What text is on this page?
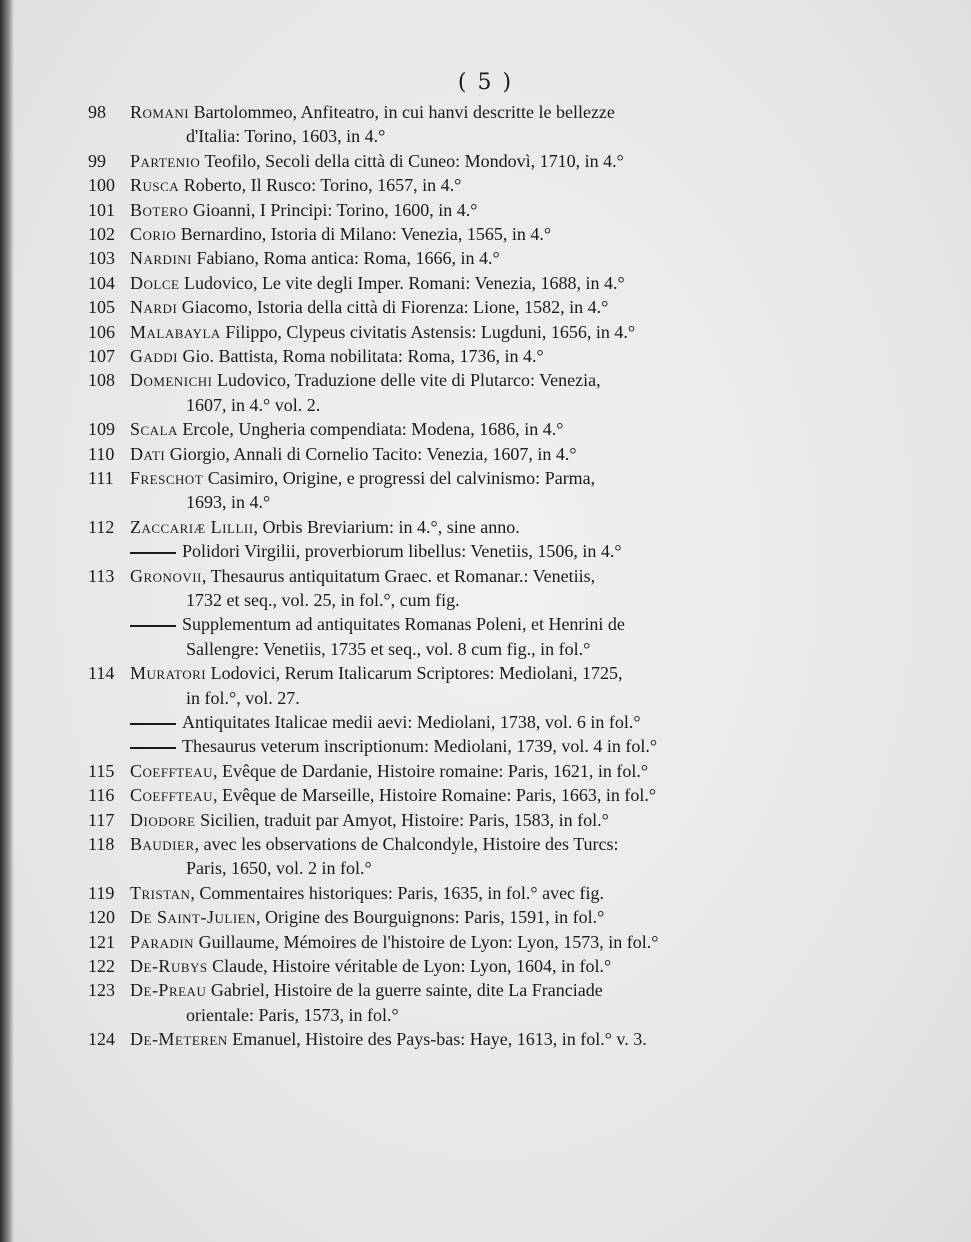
( 5 )
98 Romani Bartolommeo, Anfiteatro, in cui hanvi descritte le bellezze
d'Italia: Torino, 1603, in 4.°
99 Partenio Teofilo, Secoli della città di Cuneo: Mondovì, 1710, in 4.°
100 Rusca Roberto, Il Rusco: Torino, 1657, in 4.°
101 Botero Gioanni, I Principi: Torino, 1600, in 4.°
102 Corio Bernardino, Istoria di Milano: Venezia, 1565, in 4.°
103 Nardini Fabiano, Roma antica: Roma, 1666, in 4.°
104 Dolce Ludovico, Le vite degli Imper. Romani: Venezia, 1688, in 4.°
105 Nardi Giacomo, Istoria della città di Fiorenza: Lione, 1582, in 4.°
106 Malabayla Filippo, Clypeus civitatis Astensis: Lugduni, 1656, in 4.°
107 Gaddi Gio. Battista, Roma nobilitata: Roma, 1736, in 4.°
108 Domenichi Ludovico, Traduzione delle vite di Plutarco: Venezia,
1607, in 4.° vol. 2.
109 Scala Ercole, Ungheria compendiata: Modena, 1686, in 4.°
110 Dati Giorgio, Annali di Cornelio Tacito: Venezia, 1607, in 4.°
111 Freschot Casimiro, Origine, e progressi del calvinismo: Parma,
1693, in 4.°
112 Zaccariæ Lillii, Orbis Breviarium: in 4.°, sine anno.
Polidori Virgilii, proverbiorum libellus: Venetiis, 1506, in 4.°
113 Gronovii, Thesaurus antiquitatum Graec. et Romanar.: Venetiis,
1732 et seq., vol. 25, in fol.°, cum fig.
Supplementum ad antiquitates Romanas Poleni, et Henrini de
Sallengre: Venetiis, 1735 et seq., vol. 8 cum fig., in fol.°
114 Muratori Lodovici, Rerum Italicarum Scriptores: Mediolani, 1725,
in fol.°, vol. 27.
Antiquitates Italicae medii aevi: Mediolani, 1738, vol. 6 in fol.°
Thesaurus veterum inscriptionum: Mediolani, 1739, vol. 4 in fol.°
115 Coeffteau, Evêque de Dardanie, Histoire romaine: Paris, 1621, in fol.°
116 Coeffteau, Evêque de Marseille, Histoire Romaine: Paris, 1663, in fol.°
117 Diodore Sicilien, traduit par Amyot, Histoire: Paris, 1583, in fol.°
118 Baudier, avec les observations de Chalcondyle, Histoire des Turcs:
Paris, 1650, vol. 2 in fol.°
119 Tristan, Commentaires historiques: Paris, 1635, in fol.° avec fig.
120 De Saint-Julien, Origine des Bourguignons: Paris, 1591, in fol.°
121 Paradin Guillaume, Mémoires de l'histoire de Lyon: Lyon, 1573, in fol.°
122 De-Rubys Claude, Histoire véritable de Lyon: Lyon, 1604, in fol.°
123 De-Preau Gabriel, Histoire de la guerre sainte, dite La Franciade
orientale: Paris, 1573, in fol.°
124 De-Meteren Emanuel, Histoire des Pays-bas: Haye, 1613, in fol.° v. 3.
